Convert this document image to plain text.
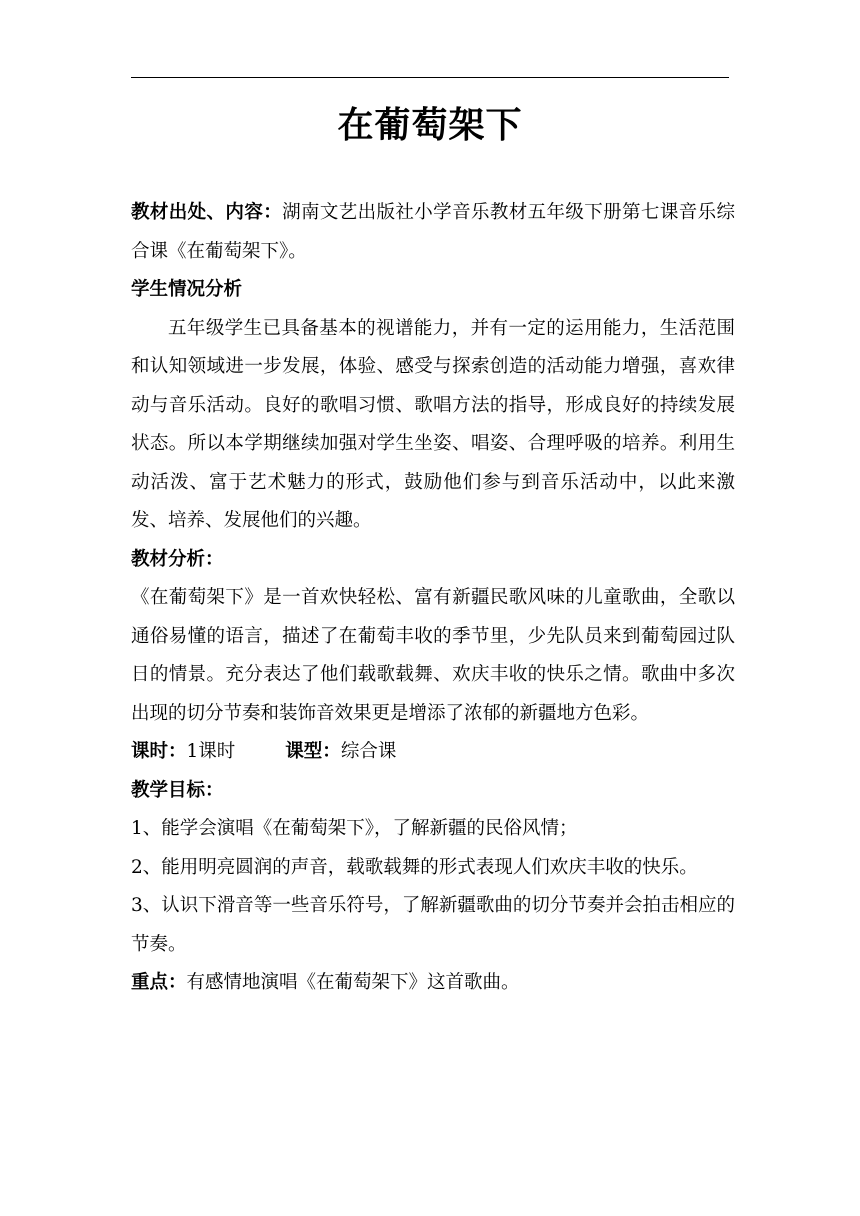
在葡萄架下

教材出处、内容：湖南文艺出版社小学音乐教材五年级下册第七课音乐综合课《在葡萄架下》。

学生情况分析

五年级学生已具备基本的视谱能力，并有一定的运用能力，生活范围和认知领域进一步发展，体验、感受与探索创造的活动能力增强，喜欢律动与音乐活动。良好的歌唱习惯、歌唱方法的指导，形成良好的持续发展状态。所以本学期继续加强对学生坐姿、唱姿、合理呼吸的培养。利用生动活泼、富于艺术魅力的形式，鼓励他们参与到音乐活动中，以此来激发、培养、发展他们的兴趣。

教材分析：

《在葡萄架下》是一首欢快轻松、富有新疆民歌风味的儿童歌曲，全歌以通俗易懂的语言，描述了在葡萄丰收的季节里，少先队员来到葡萄园过队日的情景。充分表达了他们载歌载舞、欢庆丰收的快乐之情。歌曲中多次出现的切分节奏和装饰音效果更是增添了浓郁的新疆地方色彩。

课时：1课时	课型：综合课

教学目标：

1、能学会演唱《在葡萄架下》，了解新疆的民俗风情；

2、能用明亮圆润的声音，载歌载舞的形式表现人们欢庆丰收的快乐。

3、认识下滑音等一些音乐符号，了解新疆歌曲的切分节奏并会拍击相应的节奏。

重点：有感情地演唱《在葡萄架下》这首歌曲。
